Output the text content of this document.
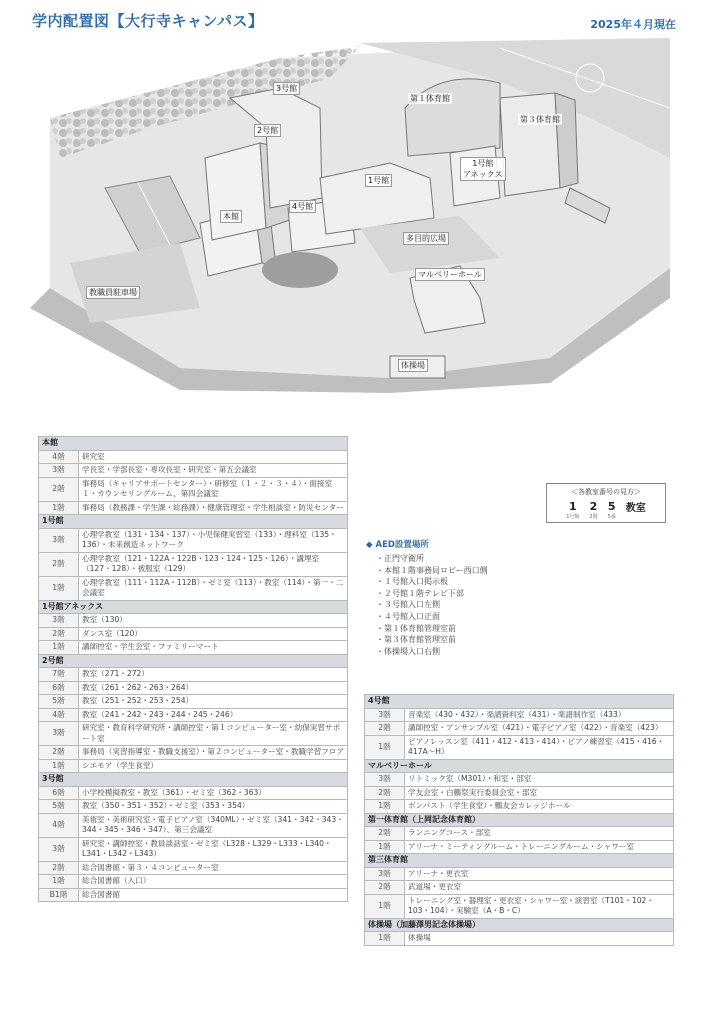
学内配置図【大行寺キャンパス】	2025年４月現在
3号館
2号館
第１体育館
第３体育館
1号館
アネックス
1号館
本館
4号館
多目的広場
マルベリーホール
教職員駐車場
体操場
本館	
4階	研究室
3階	学長室・学部長室・専攻長室・研究室・第五会議室
2階	事務局（キャリアサポートセンター）・研修室（１・２・３・４）・面接室１・カウンセリングルーム、第四会議室
1階	事務局（教務課・学生課・総務課）・健康管理室・学生相談室・防災センター
1号館	
3階	心理学教室（131・134・137）・小児保健実習室（133）・理科室（135・136）・未来創造ネットワーク
2階	心理学教室（121・122A・122B・123・124・125・126）・講埋室（127・128）・被服室（129）
1階	心理学教室（111・112A・112B）・ゼミ室（113）・教室（114）・第一・二会議室
1号館アネックス	
3階	教室（130）
2階	ダンス室（120）
1階	講師控室・学生会室・ファミリーマート
2号館	
7階	教室（271・272）
6階	教室（261・262・263・264）
5階	教室（251・252・253・254）
4階	教室（241・242・243・244・245・246）
3階	研究室・教育科学研究所・講師控室・第１コンピューター室・幼保実習サポート室
2階	事務局（実習指導室・教職支援室）・第２コンピューター室・教職学習フロア
1階	シエモア（学生食堂）
3号館	
6階	小学校模擬教室・教室（361）・ゼミ室（362・363）
5階	教室（350・351・352）・ゼミ室（353・354）
4階	美術室・美術研究室・電子ピアノ室（340ML）・ゼミ室（341・342・343・344・345・346・347）、第三会議室
3階	研究室・講師控室・教員談話室・ゼミ室（L328・L329・L333・L340・L341・L342・L343）
2階	総合図書館・第３・４コンピューター室
1階	総合図書館（入口）
B1階	総合図書館
4号館	
3階	音楽室（430・432）・楽譜資料室（431）・楽譜制作室（433）
2階	講師控室・アンサンブル室（421）・電子ピアノ室（422）・音楽室（423）
1階	ピアノレッスン室（411・412・413・414）・ピアノ練習室（415・416・417A～H）
マルベリーホール	
3階	リトミック室（M301）・和室・部室
2階	学友会室・白鵬祭実行委員会室・部室
1階	ボンパスト（学生食堂）・鵬友会カレッジホール
第一体育館（上岡記念体育館）	
2階	ランニングコース・部室
1階	アリーナ・ミーティングルーム・トレーニングルーム・シャワー室
第三体育館	
3階	アリーナ・更衣室
2階	武道場・更衣室
1階	トレーニング室・器理室・更衣室・シャワー室・演習室（T101・102・103・104）・実験室（A・B・C）
体操場（加藤澤男記念体操場）	
1階	体操場
＜各教室番号の見方＞
1
1号館
2
2階
5
5番
教室

◆ AED設置場所
・正門守衛所
・本館１階事務局ロビー西口側
・１号館入口掲示板
・２号館１階テレビ下部
・３号館入口左側
・４号館入口正面
・第１体育館管理室前
・第３体育館管理室前
・体操場入口右側
